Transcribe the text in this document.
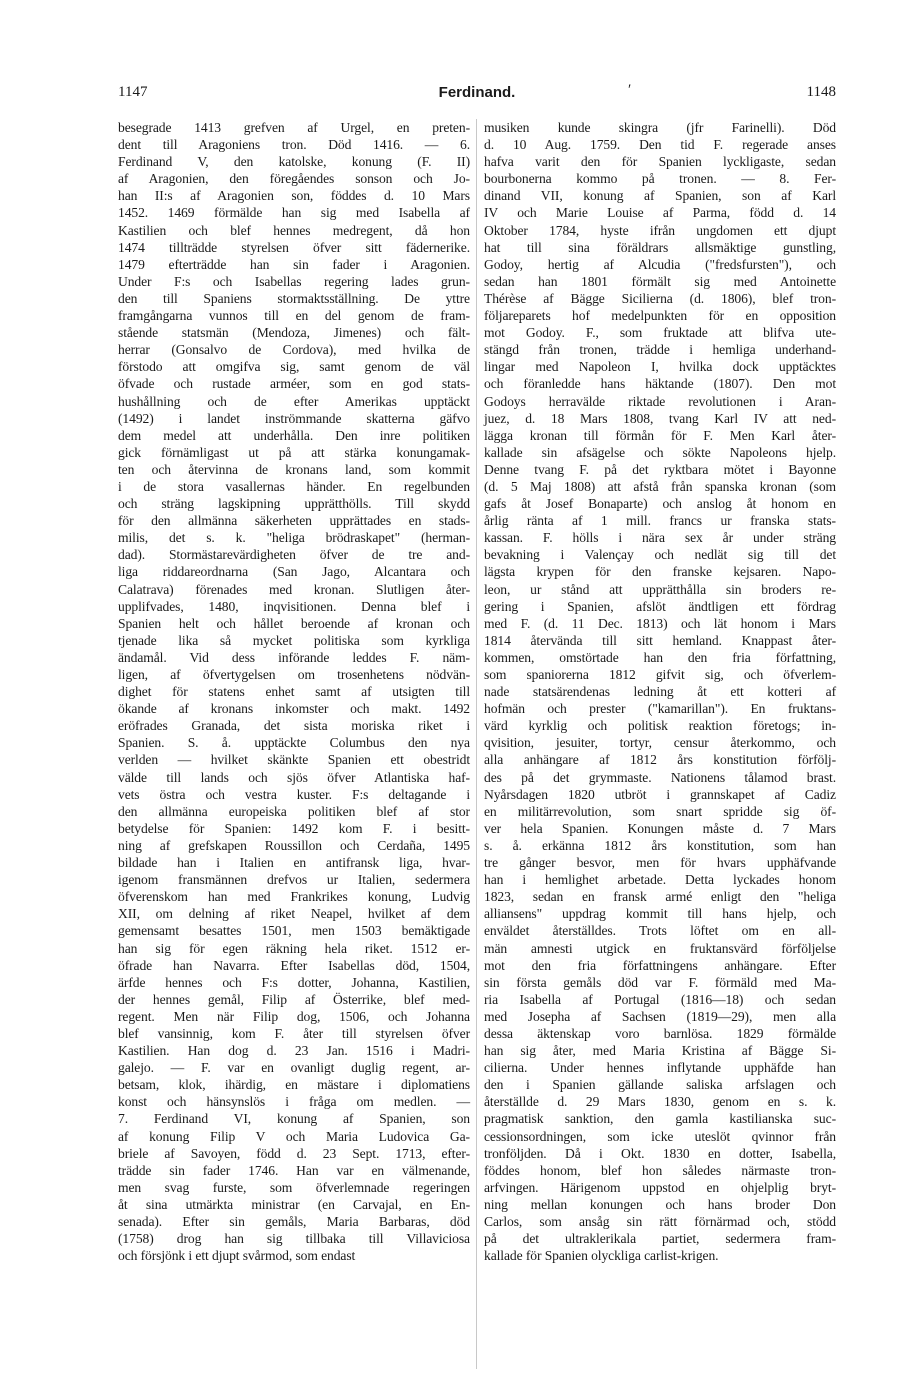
1147	Ferdinand.	′	1148
besegrade 1413 grefven af Urgel, en preten-
dent till Aragoniens tron. Död 1416. — 6.
Ferdinand V, den katolske, konung (F. II)
af Aragonien, den föregåendes sonson och Jo-
han II:s af Aragonien son, föddes d. 10 Mars
1452. 1469 förmälde han sig med Isabella af
Kastilien och blef hennes medregent, då hon
1474 tillträdde styrelsen öfver sitt fädernerike.
1479 efterträdde han sin fader i Aragonien.
Under F:s och Isabellas regering lades grun-
den till Spaniens stormaktsställning. De yttre
framgångarna vunnos till en del genom de fram-
stående statsmän (Mendoza, Jimenes) och fält-
herrar (Gonsalvo de Cordova), med hvilka de
förstodo att omgifva sig, samt genom de väl
öfvade och rustade arméer, som en god stats-
hushållning och de efter Amerikas upptäckt
(1492) i landet inströmmande skatterna gäfvo
dem medel att underhålla. Den inre politiken
gick förnämligast ut på att stärka konungamak-
ten och återvinna de kronans land, som kommit
i de stora vasallernas händer. En regelbunden
och sträng lagskipning upprätthölls. Till skydd
för den allmänna säkerheten upprättades en stads-
milis, det s. k. "heliga brödraskapet" (herman-
dad). Stormästarevärdigheten öfver de tre and-
liga riddareordnarna (San Jago, Alcantara och
Calatrava) förenades med kronan. Slutligen åter-
upplifvades, 1480, inqvisitionen. Denna blef i
Spanien helt och hållet beroende af kronan och
tjenade lika så mycket politiska som kyrkliga
ändamål. Vid dess införande leddes F. näm-
ligen, af öfvertygelsen om trosenhetens nödvän-
dighet för statens enhet samt af utsigten till
ökande af kronans inkomster och makt. 1492
eröfrades Granada, det sista moriska riket i
Spanien. S. å. upptäckte Columbus den nya
verlden — hvilket skänkte Spanien ett obestridt
välde till lands och sjös öfver Atlantiska haf-
vets östra och vestra kuster. F:s deltagande i
den allmänna europeiska politiken blef af stor
betydelse för Spanien: 1492 kom F. i besitt-
ning af grefskapen Roussillon och Cerdaña, 1495
bildade han i Italien en antifransk liga, hvar-
igenom fransmännen drefvos ur Italien, sedermera
öfverenskom han med Frankrikes konung, Ludvig
XII, om delning af riket Neapel, hvilket af dem
gemensamt besattes 1501, men 1503 bemäktigade
han sig för egen räkning hela riket. 1512 er-
öfrade han Navarra. Efter Isabellas död, 1504,
ärfde hennes och F:s dotter, Johanna, Kastilien,
der hennes gemål, Filip af Österrike, blef med-
regent. Men när Filip dog, 1506, och Johanna
blef vansinnig, kom F. åter till styrelsen öfver
Kastilien. Han dog d. 23 Jan. 1516 i Madri-
galejo. — F. var en ovanligt duglig regent, ar-
betsam, klok, ihärdig, en mästare i diplomatiens
konst och hänsynslös i fråga om medlen. —
7. Ferdinand VI, konung af Spanien, son
af konung Filip V och Maria Ludovica Ga-
briele af Savoyen, född d. 23 Sept. 1713, efter-
trädde sin fader 1746. Han var en välmenande,
men svag furste, som öfverlemnade regeringen
åt sina utmärkta ministrar (en Carvajal, en En-
senada). Efter sin gemåls, Maria Barbaras, död
(1758) drog han sig tillbaka till Villaviciosa
och försjönk i ett djupt svårmod, som endast
musiken kunde skingra (jfr Farinelli). Död
d. 10 Aug. 1759. Den tid F. regerade anses
hafva varit den för Spanien lyckligaste, sedan
bourbonerna kommo på tronen. — 8. Fer-
dinand VII, konung af Spanien, son af Karl
IV och Marie Louise af Parma, född d. 14
Oktober 1784, hyste ifrån ungdomen ett djupt
hat till sina föräldrars allsmäktige gunstling,
Godoy, hertig af Alcudia ("fredsfursten"), och
sedan han 1801 förmält sig med Antoinette
Thérèse af Bägge Sicilierna (d. 1806), blef tron-
följareparets hof medelpunkten för en opposition
mot Godoy. F., som fruktade att blifva ute-
stängd från tronen, trädde i hemliga underhand-
lingar med Napoleon I, hvilka dock upptäcktes
och föranledde hans häktande (1807). Den mot
Godoys herravälde riktade revolutionen i Aran-
juez, d. 18 Mars 1808, tvang Karl IV att ned-
lägga kronan till förmån för F. Men Karl åter-
kallade sin afsägelse och sökte Napoleons hjelp.
Denne tvang F. på det ryktbara mötet i Bayonne
(d. 5 Maj 1808) att afstå från spanska kronan (som
gafs åt Josef Bonaparte) och anslog åt honom en
årlig ränta af 1 mill. francs ur franska stats-
kassan. F. hölls i nära sex år under sträng
bevakning i Valençay och nedlät sig till det
lägsta krypen för den franske kejsaren. Napo-
leon, ur stånd att upprätthålla sin broders re-
gering i Spanien, afslöt ändtligen ett fördrag
med F. (d. 11 Dec. 1813) och lät honom i Mars
1814 återvända till sitt hemland. Knappast åter-
kommen, omstörtade han den fria författning,
som spaniorerna 1812 gifvit sig, och öfverlem-
nade statsärendenas ledning åt ett kotteri af
hofmän och prester ("kamarillan"). En fruktans-
värd kyrklig och politisk reaktion företogs; in-
qvisition, jesuiter, tortyr, censur återkommo, och
alla anhängare af 1812 års konstitution förfölj-
des på det grymmaste. Nationens tålamod brast.
Nyårsdagen 1820 utbröt i grannskapet af Cadiz
en militärrevolution, som snart spridde sig öf-
ver hela Spanien. Konungen måste d. 7 Mars
s. å. erkänna 1812 års konstitution, som han
tre gånger besvor, men för hvars upphäfvande
han i hemlighet arbetade. Detta lyckades honom
1823, sedan en fransk armé enligt den "heliga
alliansens" uppdrag kommit till hans hjelp, och
enväldet återställdes. Trots löftet om en all-
män amnesti utgick en fruktansvärd förföljelse
mot den fria författningens anhängare. Efter
sin första gemåls död var F. förmäld med Ma-
ria Isabella af Portugal (1816—18) och sedan
med Josepha af Sachsen (1819—29), men alla
dessa äktenskap voro barnlösa. 1829 förmälde
han sig åter, med Maria Kristina af Bägge Si-
cilierna. Under hennes inflytande upphäfde han
den i Spanien gällande saliska arfslagen och
återställde d. 29 Mars 1830, genom en s. k.
pragmatisk sanktion, den gamla kastilianska suc-
cessionsordningen, som icke uteslöt qvinnor från
tronföljden. Då i Okt. 1830 en dotter, Isabella,
föddes honom, blef hon således närmaste tron-
arfvingen. Härigenom uppstod en ohjelplig bryt-
ning mellan konungen och hans broder Don
Carlos, som ansåg sin rätt förnärmad och, stödd
på det ultraklerikala partiet, sedermera fram-
kallade för Spanien olyckliga carlist-krigen.
